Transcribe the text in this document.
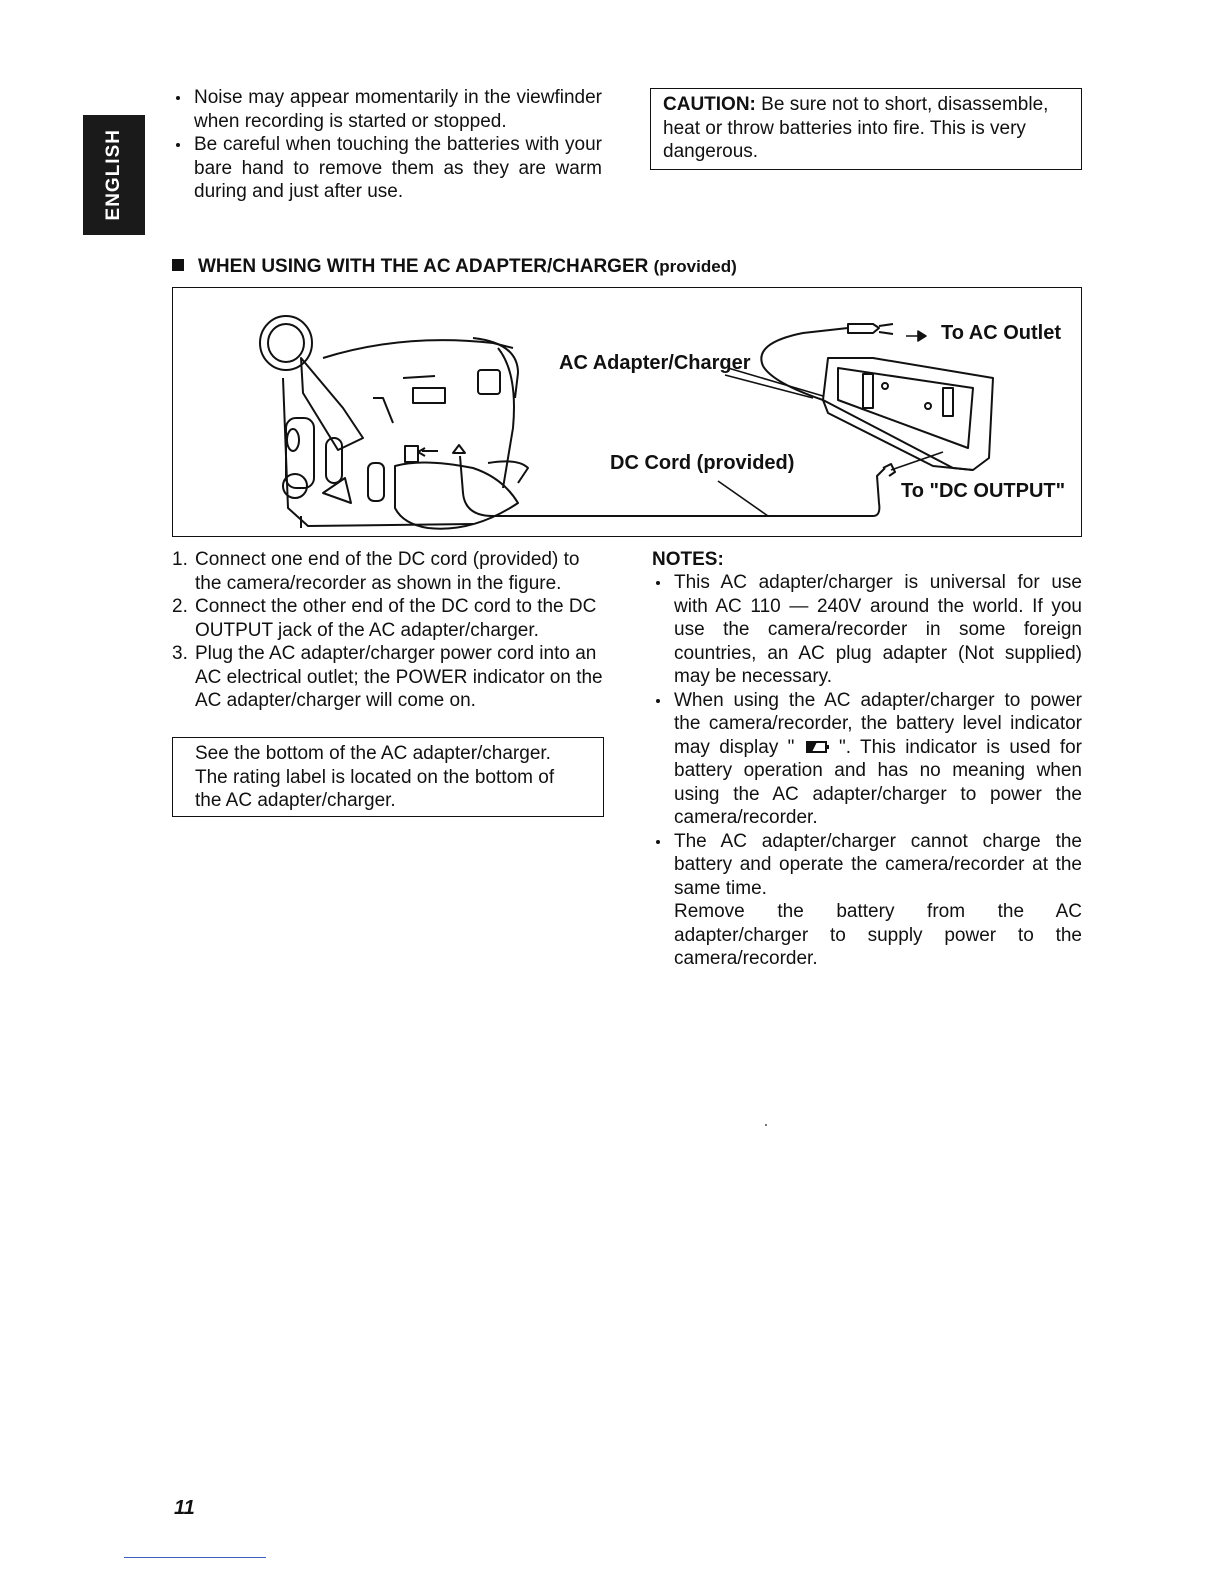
ENGLISH
Noise may appear momentarily in the viewfinder when recording is started or stopped.
Be careful when touching the batteries with your bare hand to remove them as they are warm during and just after use.
CAUTION: Be sure not to short, disassemble, heat or throw batteries into fire. This is very dangerous.
WHEN USING WITH THE AC ADAPTER/CHARGER (provided)
AC Adapter/Charger
To AC Outlet
DC Cord (provided)
To "DC OUTPUT"
1. Connect one end of the DC cord (provided) to the camera/recorder as shown in the figure.
2. Connect the other end of the DC cord to the DC OUTPUT jack of the AC adapter/charger.
3. Plug the AC adapter/charger power cord into an AC electrical outlet; the POWER indicator on the AC adapter/charger will come on.
See the bottom of the AC adapter/charger. The rating label is located on the bottom of the AC adapter/charger.
NOTES:
This AC adapter/charger is universal for use with AC 110 — 240V around the world. If you use the camera/recorder in some foreign countries, an AC plug adapter (Not supplied) may be necessary.
When using the AC adapter/charger to power the camera/recorder, the battery level indicator may display " ". This indicator is used for battery operation and has no meaning when using the AC adapter/charger to power the camera/recorder.
The AC adapter/charger cannot charge the battery and operate the camera/recorder at the same time.
Remove the battery from the AC adapter/charger to supply power to the camera/recorder.
11
